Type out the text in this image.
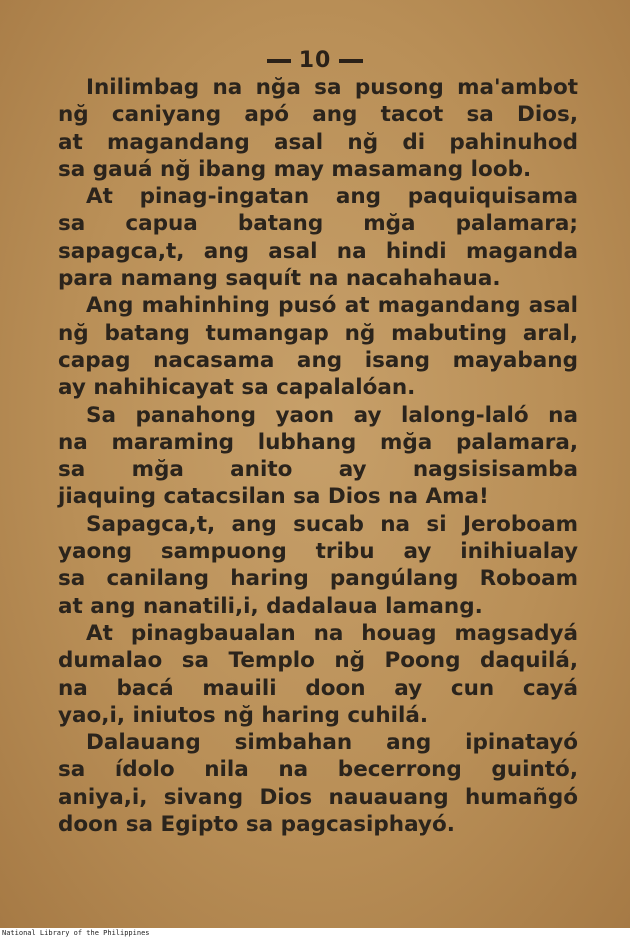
10
Inilimbag na nğa sa pusong ma'ambot
nğ caniyang apó ang tacot sa Dios,
at magandang asal nğ di pahinuhod
sa gauá nğ ibang may masamang loob.
At pinag-ingatan ang paquiquisama
sa capua batang mğa palamara;
sapagca,t, ang asal na hindi maganda
para namang saquít na nacahahaua.
Ang mahinhing pusó at magandang asal
nğ batang tumangap nğ mabuting aral,
capag nacasama ang isang mayabang
ay nahihicayat sa capalalóan.
Sa panahong yaon ay lalong-laló na
na maraming lubhang mğa palamara,
sa mğa anito ay nagsisisamba
jiaquing catacsilan sa Dios na Ama!
Sapagca,t, ang sucab na si Jeroboam
yaong sampuong tribu ay inihiualay
sa canilang haring pangúlang Roboam
at ang nanatili,i, dadalaua lamang.
At pinagbaualan na houag magsadyá
dumalao sa Templo nğ Poong daquilá,
na bacá mauili doon ay cun cayá
yao,i, iniutos nğ haring cuhilá.
Dalauang simbahan ang ipinatayó
sa ídolo nila na becerrong guintó,
aniya,i, sivang Dios nauauang humañgó
doon sa Egipto sa pagcasiphayó.
National Library of the Philippines
